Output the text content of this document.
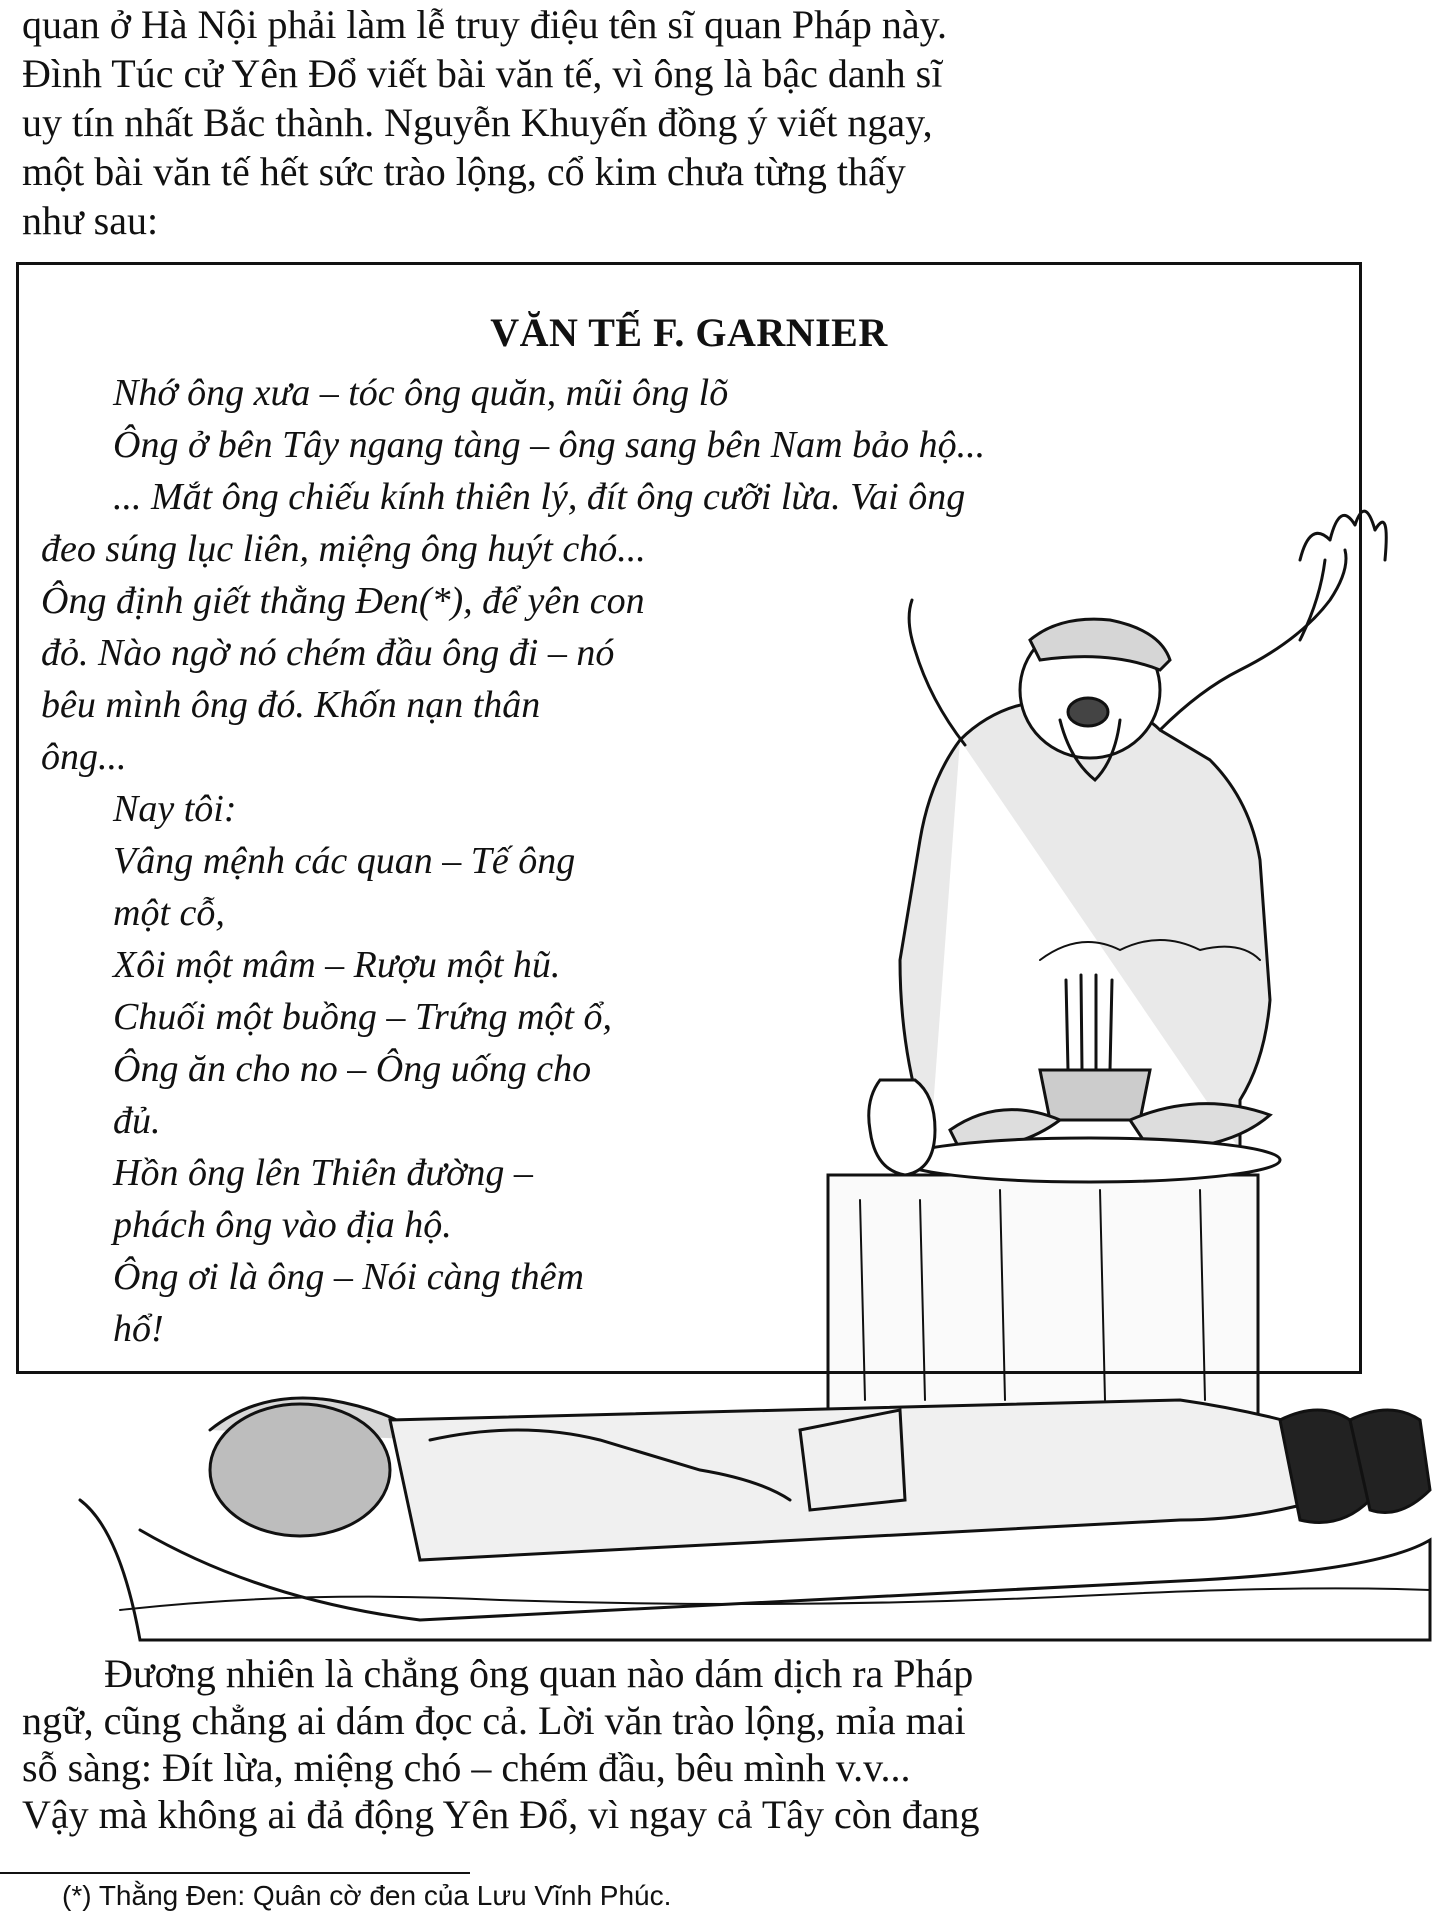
quan ở Hà Nội phải làm lễ truy điệu tên sĩ quan Pháp này.
Đình Túc cử Yên Đổ viết bài văn tế, vì ông là bậc danh sĩ
uy tín nhất Bắc thành. Nguyễn Khuyến đồng ý viết ngay,
một bài văn tế hết sức trào lộng, cổ kim chưa từng thấy
như sau:
VĂN TẾ F. GARNIER
Nhớ ông xưa – tóc ông quăn, mũi ông lõ
Ông ở bên Tây ngang tàng – ông sang bên Nam bảo hộ...
... Mắt ông chiếu kính thiên lý, đít ông cưỡi lừa. Vai ông
đeo súng lục liên, miệng ông huýt chó...
Ông định giết thằng Đen(*), để yên con
đỏ. Nào ngờ nó chém đầu ông đi – nó
bêu mình ông đó. Khốn nạn thân
ông...
Nay tôi:
Vâng mệnh các quan – Tế ông
một cỗ,
Xôi một mâm – Rượu một hũ.
Chuối một buồng – Trứng một ổ,
Ông ăn cho no – Ông uống cho
đủ.
Hồn ông lên Thiên đường –
phách ông vào địa hộ.
Ông ơi là ông – Nói càng thêm
hổ!
Đương nhiên là chẳng ông quan nào dám dịch ra Pháp
ngữ, cũng chẳng ai dám đọc cả. Lời văn trào lộng, mỉa mai
sỗ sàng: Đít lừa, miệng chó – chém đầu, bêu mình v.v...
Vậy mà không ai đả động Yên Đổ, vì ngay cả Tây còn đang
(*) Thằng Đen: Quân cờ đen của Lưu Vĩnh Phúc.
